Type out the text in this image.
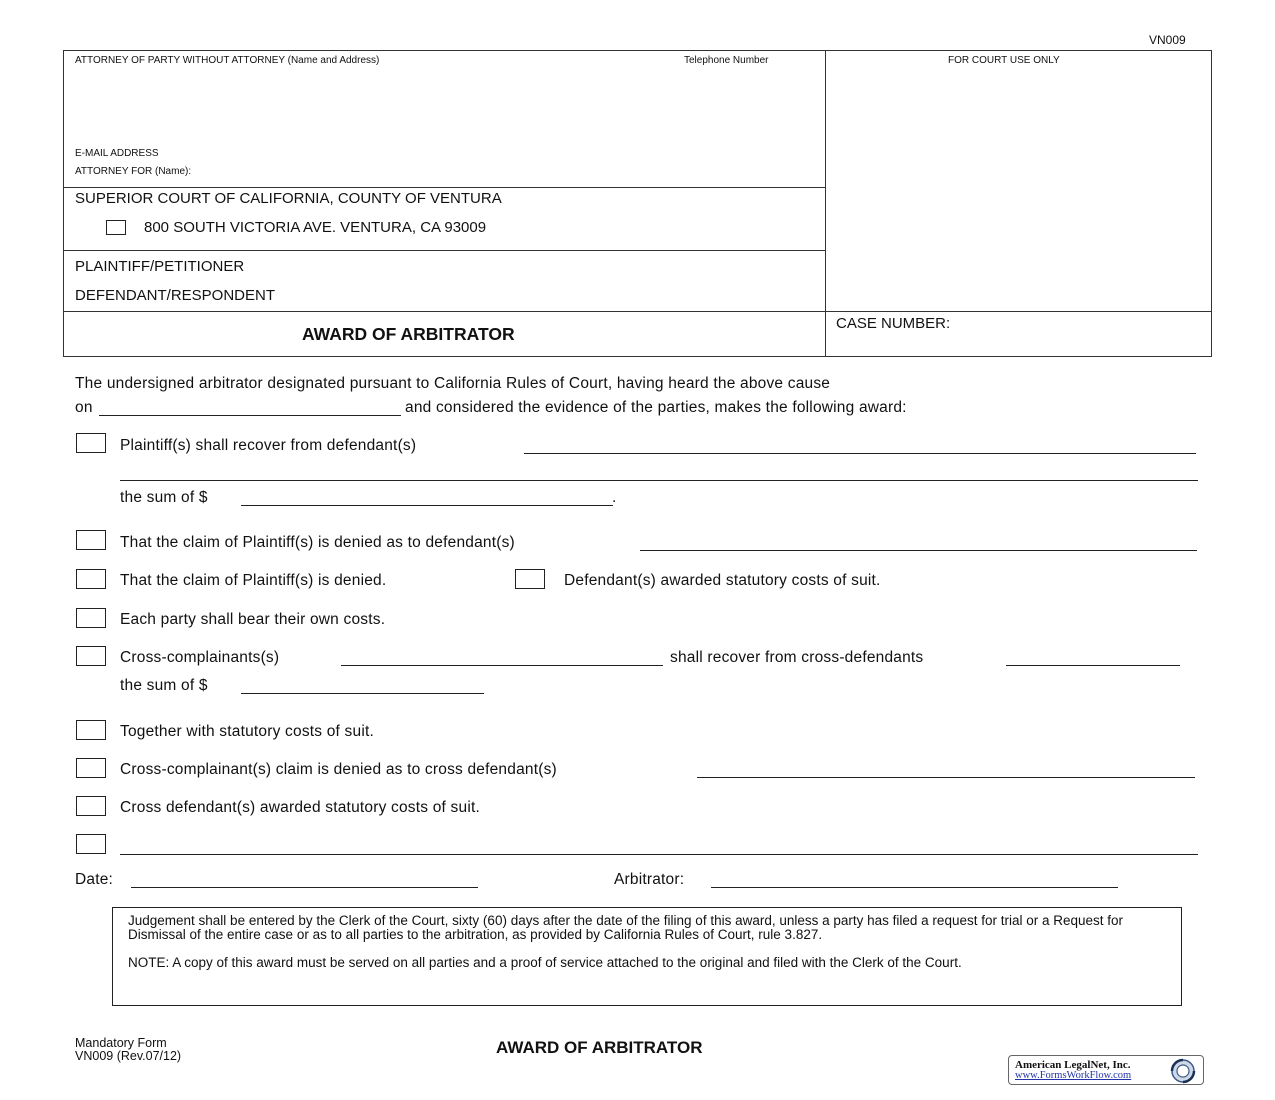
VN009
ATTORNEY OF PARTY WITHOUT ATTORNEY (Name and Address)	Telephone Number	FOR COURT USE ONLY
E-MAIL ADDRESS
ATTORNEY FOR (Name):
SUPERIOR COURT OF CALIFORNIA, COUNTY OF VENTURA
800 SOUTH VICTORIA AVE. VENTURA, CA 93009
PLAINTIFF/PETITIONER
DEFENDANT/RESPONDENT
AWARD OF ARBITRATOR
CASE NUMBER:
The undersigned arbitrator designated pursuant to California Rules of Court, having heard the above cause
on	and considered the evidence of the parties, makes the following award:
Plaintiff(s) shall recover from defendant(s)
the sum of $	.
That the claim of Plaintiff(s) is denied as to defendant(s)
That the claim of Plaintiff(s) is denied.	Defendant(s) awarded statutory costs of suit.
Each party shall bear their own costs.
Cross-complainants(s)	shall recover from cross-defendants
the sum of $
Together with statutory costs of suit.
Cross-complainant(s) claim is denied as to cross defendant(s)
Cross defendant(s) awarded statutory costs of suit.
Date:	Arbitrator:

Judgement shall be entered by the Clerk of the Court, sixty (60) days after the date of the filing of this award, unless a party has filed a request for trial or a Request for Dismissal of the entire case or as to all parties to the arbitration, as provided by California Rules of Court, rule 3.827.

NOTE: A copy of this award must be served on all parties and a proof of service attached to the original and filed with the Clerk of the Court.

Mandatory Form
VN009 (Rev.07/12)	AWARD OF ARBITRATOR
American LegalNet, Inc.
www.FormsWorkFlow.com
